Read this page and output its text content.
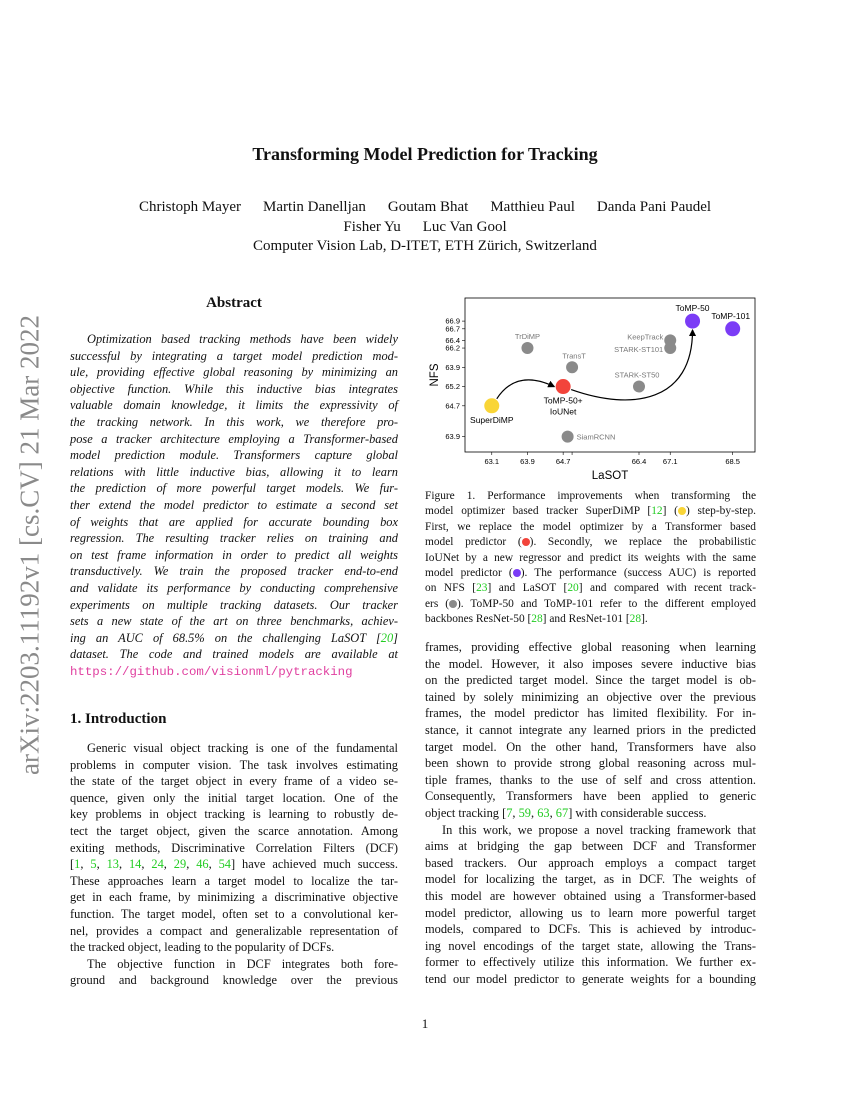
arXiv:2203.11192v1 [cs.CV] 21 Mar 2022
Transforming Model Prediction for Tracking
Christoph Mayer Martin Danelljan Goutam Bhat Matthieu Paul Danda Pani Paudel
Fisher Yu Luc Van Gool
Computer Vision Lab, D-ITET, ETH Zürich, Switzerland
Abstract
Optimization based tracking methods have been widely
successful by integrating a target model prediction mod-
ule, providing effective global reasoning by minimizing an
objective function. While this inductive bias integrates
valuable domain knowledge, it limits the expressivity of
the tracking network. In this work, we therefore pro-
pose a tracker architecture employing a Transformer-based
model prediction module. Transformers capture global
relations with little inductive bias, allowing it to learn
the prediction of more powerful target models. We fur-
ther extend the model predictor to estimate a second set
of weights that are applied for accurate bounding box
regression. The resulting tracker relies on training and
on test frame information in order to predict all weights
transductively. We train the proposed tracker end-to-end
and validate its performance by conducting comprehensive
experiments on multiple tracking datasets. Our tracker
sets a new state of the art on three benchmarks, achiev-
ing an AUC of 68.5% on the challenging LaSOT [20]
dataset. The code and trained models are available at
https://github.com/visionml/pytracking
1. Introduction
Generic visual object tracking is one of the fundamental
problems in computer vision. The task involves estimating
the state of the target object in every frame of a video se-
quence, given only the initial target location. One of the
key problems in object tracking is learning to robustly de-
tect the target object, given the scarce annotation. Among
exiting methods, Discriminative Correlation Filters (DCF)
[1, 5, 13, 14, 24, 29, 46, 54] have achieved much success.
These approaches learn a target model to localize the tar-
get in each frame, by minimizing a discriminative objective
function. The target model, often set to a convolutional ker-
nel, provides a compact and generalizable representation of
the tracked object, leading to the popularity of DCFs.
The objective function in DCF integrates both fore-
ground and background knowledge over the previous
frames, providing effective global reasoning when learning
the model. However, it also imposes severe inductive bias
on the predicted target model. Since the target model is ob-
tained by solely minimizing an objective over the previous
frames, the model predictor has limited flexibility. For in-
stance, it cannot integrate any learned priors in the predicted
target model. On the other hand, Transformers have also
been shown to provide strong global reasoning across mul-
tiple frames, thanks to the use of self and cross attention.
Consequently, Transformers have been applied to generic
object tracking [7, 59, 63, 67] with considerable success.
In this work, we propose a novel tracking framework that
aims at bridging the gap between DCF and Transformer
based trackers. Our approach employs a compact target
model for localizing the target, as in DCF. The weights of
this model are however obtained using a Transformer-based
model predictor, allowing us to learn more powerful target
models, compared to DCFs. This is achieved by introduc-
ing novel encodings of the target state, allowing the Trans-
former to effectively utilize this information. We further ex-
tend our model predictor to generate weights for a bounding
63.1	63.9	64.7	66.4 67.1	68.5
63.9
64.7
65.2
63.9
66.2
66.4
66.7
66.9
LaSOT
NFS
SuperDiMP
ToMP-50+ IoUNet
ToMP-50
ToMP-101
TrDiMP
TransT
SiamRCNN
STARK-ST50
KeepTrack
STARK-ST101
Figure 1. Performance improvements when transforming the
model optimizer based tracker SuperDiMP [12] ( ) step-by-step.
First, we replace the model optimizer by a Transformer based
model predictor ( ). Secondly, we replace the probabilistic
IoUNet by a new regressor and predict its weights with the same
model predictor ( ). The performance (success AUC) is reported
on NFS [23] and LaSOT [20] and compared with recent track-
ers ( ). ToMP-50 and ToMP-101 refer to the different employed
backbones ResNet-50 [28] and ResNet-101 [28].
1
